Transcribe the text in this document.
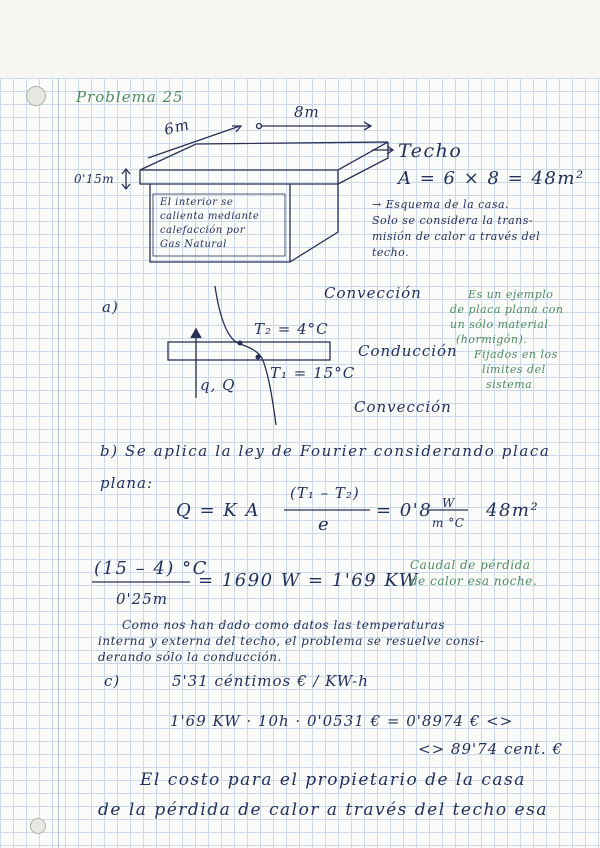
Problema 25
6m
8m
0'15m
Techo
A = 6 × 8 = 48m²
El interior se
calienta mediante
calefacción por
Gas Natural
→ Esquema de la casa.
Solo se considera la trans-
misión de calor a través del
techo.
a)
Convección
Conducción
Convección
T₂ = 4°C
T₁ = 15°C
q, Q
Es un ejemplo
de placa plana con
un sólo material
(hormigón).
Fijados en los
límites del
sistema
b) Se aplica la ley de Fourier considerando placa
plana:
Q = K A
(T₁ – T₂)
e
= 0'8 W
m °C
48m²
(15 – 4) °C
0'25m
= 1690 W = 1'69 KW
Caudal de pérdida
de calor esa noche.
Como nos han dado como datos las temperaturas
interna y externa del techo, el problema se resuelve consi-
derando sólo la conducción.
c)	5'31 céntimos € / KW-h
1'69 KW · 10h · 0'0531 € = 0'8974 € <>
<> 89'74 cent. €
El costo para el propietario de la casa
de la pérdida de calor a través del techo esa
